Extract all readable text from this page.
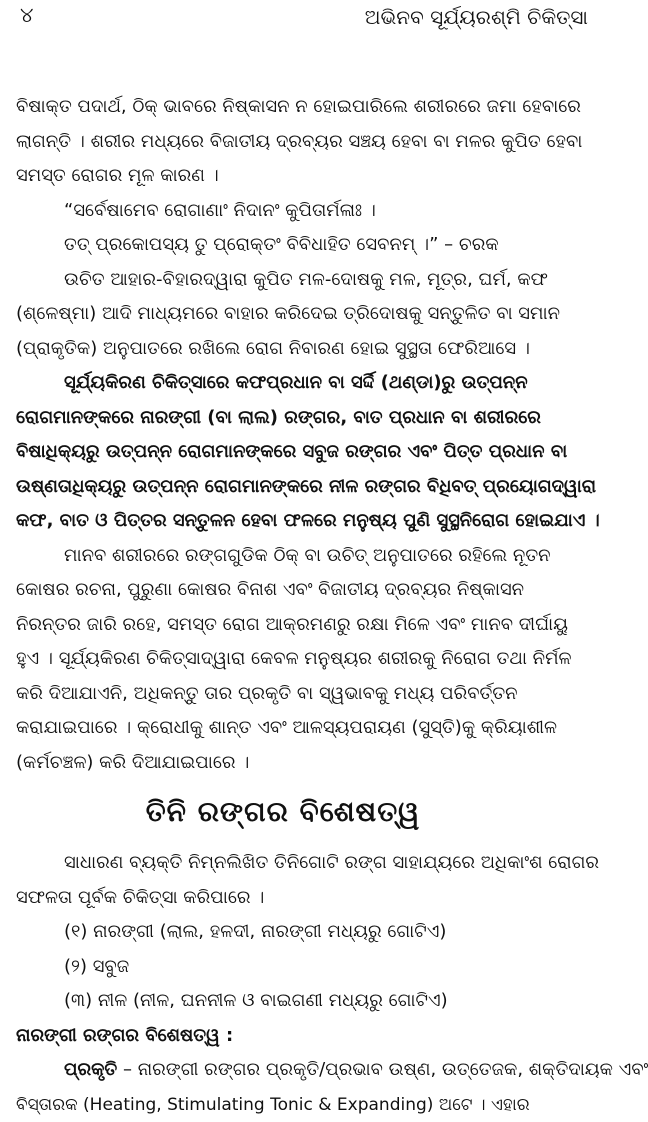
୪	ଅଭିନବ ସୂର୍ଯ୍ୟରଶ୍ମି ଚିକିତ୍ସା
ବିଷାକ୍ତ ପଦାର୍ଥ, ଠିକ୍ ଭାବରେ ନିଷ୍କାସନ ନ ହୋଇପାରିଲେ ଶରୀରରେ ଜମା ହେବାରେ
ଲାଗନ୍ତି । ଶରୀର ମଧ୍ୟରେ ବିଜାତୀୟ ଦ୍ରବ୍ୟର ସଞ୍ଚୟ ହେବା ବା ମଳର କୁପିତ ହେବା
ସମସ୍ତ ରୋଗର ମୂଳ କାରଣ ।
“ସର୍ବେଷାମେବ ରୋଗାଣାଂ ନିଦାନଂ କୁପିତାର୍ମଳାଃ ।
ତତ୍ ପ୍ରକୋପସ୍ୟ ତୁ ପ୍ରୋକ୍ତଂ ବିବିଧାହିତ ସେବନମ୍ ।” – ଚରକ
ଉଚିତ ଆହାର-ବିହାରଦ୍ୱାରା କୁପିତ ମଳ-ଦୋଷକୁ ମଳ, ମୂତ୍ର, ଘର୍ମ, କଫ
(ଶ୍ଳେଷ୍ମା) ଆଦି ମାଧ୍ୟମରେ ବାହାର କରିଦେଇ ତ୍ରିଦୋଷକୁ ସନ୍ତୁଳିତ ବା ସମାନ
(ପ୍ରାକୃତିକ) ଅନୁପାତରେ ରଖିଲେ ରୋଗ ନିବାରଣ ହୋଇ ସୁସ୍ଥତା ଫେରିଆସେ ।
ସୂର୍ଯ୍ୟକିରଣ ଚିକିତ୍ସାରେ କଫପ୍ରଧାନ ବା ସର୍ଦ୍ଦି (ଥଣ୍ଡା)ରୁ ଉତ୍ପନ୍ନ
ରୋଗମାନଙ୍କରେ ନାରଙ୍ଗୀ (ବା ଲାଲ) ରଙ୍ଗର, ବାତ ପ୍ରଧାନ ବା ଶରୀରରେ
ବିଷାଧିକ୍ୟରୁ ଉତ୍ପନ୍ନ ରୋଗମାନଙ୍କରେ ସବୁଜ ରଙ୍ଗର ଏବଂ ପିତ୍ତ ପ୍ରଧାନ ବା
ଉଷ୍ଣତାଧିକ୍ୟରୁ ଉତ୍ପନ୍ନ ରୋଗମାନଙ୍କରେ ନୀଳ ରଙ୍ଗର ବିଧିବତ୍ ପ୍ରୟୋଗଦ୍ୱାରା
କଫ, ବାତ ଓ ପିତ୍ତର ସନ୍ତୁଳନ ହେବା ଫଳରେ ମନୁଷ୍ୟ ପୁଣି ସୁସ୍ଥନିରୋଗ ହୋଇଯାଏ ।
ମାନବ ଶରୀରରେ ରଙ୍ଗଗୁଡିକ ଠିକ୍ ବା ଉଚିତ୍ ଅନୁପାତରେ ରହିଲେ ନୂତନ
କୋଷର ରଚନା, ପୁରୁଣା କୋଷର ବିନାଶ ଏବଂ ବିଜାତୀୟ ଦ୍ରବ୍ୟର ନିଷ୍କାସନ
ନିରନ୍ତର ଜାରି ରହେ, ସମସ୍ତ ରୋଗ ଆକ୍ରମଣରୁ ରକ୍ଷା ମିଳେ ଏବଂ ମାନବ ଦୀର୍ଘାୟୁ
ହୁଏ । ସୂର୍ଯ୍ୟକିରଣ ଚିକିତ୍ସାଦ୍ୱାରା କେବଳ ମନୁଷ୍ୟର ଶରୀରକୁ ନିରୋଗ ତଥା ନିର୍ମଳ
କରି ଦିଆଯାଏନି, ଅଧିକନ୍ତୁ ତାର ପ୍ରକୃତି ବା ସ୍ୱଭାବକୁ ମଧ୍ୟ ପରିବର୍ତ୍ତନ
କରାଯାଇପାରେ । କ୍ରୋଧୀକୁ ଶାନ୍ତ ଏବଂ ଆଳସ୍ୟପରାୟଣ (ସୁସ୍ତି)କୁ କ୍ରିୟାଶୀଳ
(କର୍ମଚଞ୍ଚଳ) କରି ଦିଆଯାଇପାରେ ।
ତିନି ରଙ୍ଗର ବିଶେଷତ୍ୱ
ସାଧାରଣ ବ୍ୟକ୍ତି ନିମ୍ନଲିଖିତ ତିନିଗୋଟି ରଙ୍ଗ ସାହାଯ୍ୟରେ ଅଧିକାଂଶ ରୋଗର
ସଫଳତା ପୂର୍ବକ ଚିକିତ୍ସା କରିପାରେ ।
(୧) ନାରଙ୍ଗୀ (ଲାଲ, ହଳଦୀ, ନାରଙ୍ଗୀ ମଧ୍ୟରୁ ଗୋଟିଏ)
(୨) ସବୁଜ
(୩) ନୀଳ (ନୀଳ, ଘନନୀଳ ଓ ବାଇଗଣୀ ମଧ୍ୟରୁ ଗୋଟିଏ)
ନାରଙ୍ଗୀ ରଙ୍ଗର ବିଶେଷତ୍ୱ :
ପ୍ରକୃତି – ନାରଙ୍ଗୀ ରଙ୍ଗର ପ୍ରକୃତି/ପ୍ରଭାବ ଉଷ୍ଣ, ଉତ୍ତେଜକ, ଶକ୍ତିଦାୟକ ଏବଂ
ବିସ୍ତାରକ (Heating, Stimulating Tonic & Expanding) ଅଟେ । ଏହାର
